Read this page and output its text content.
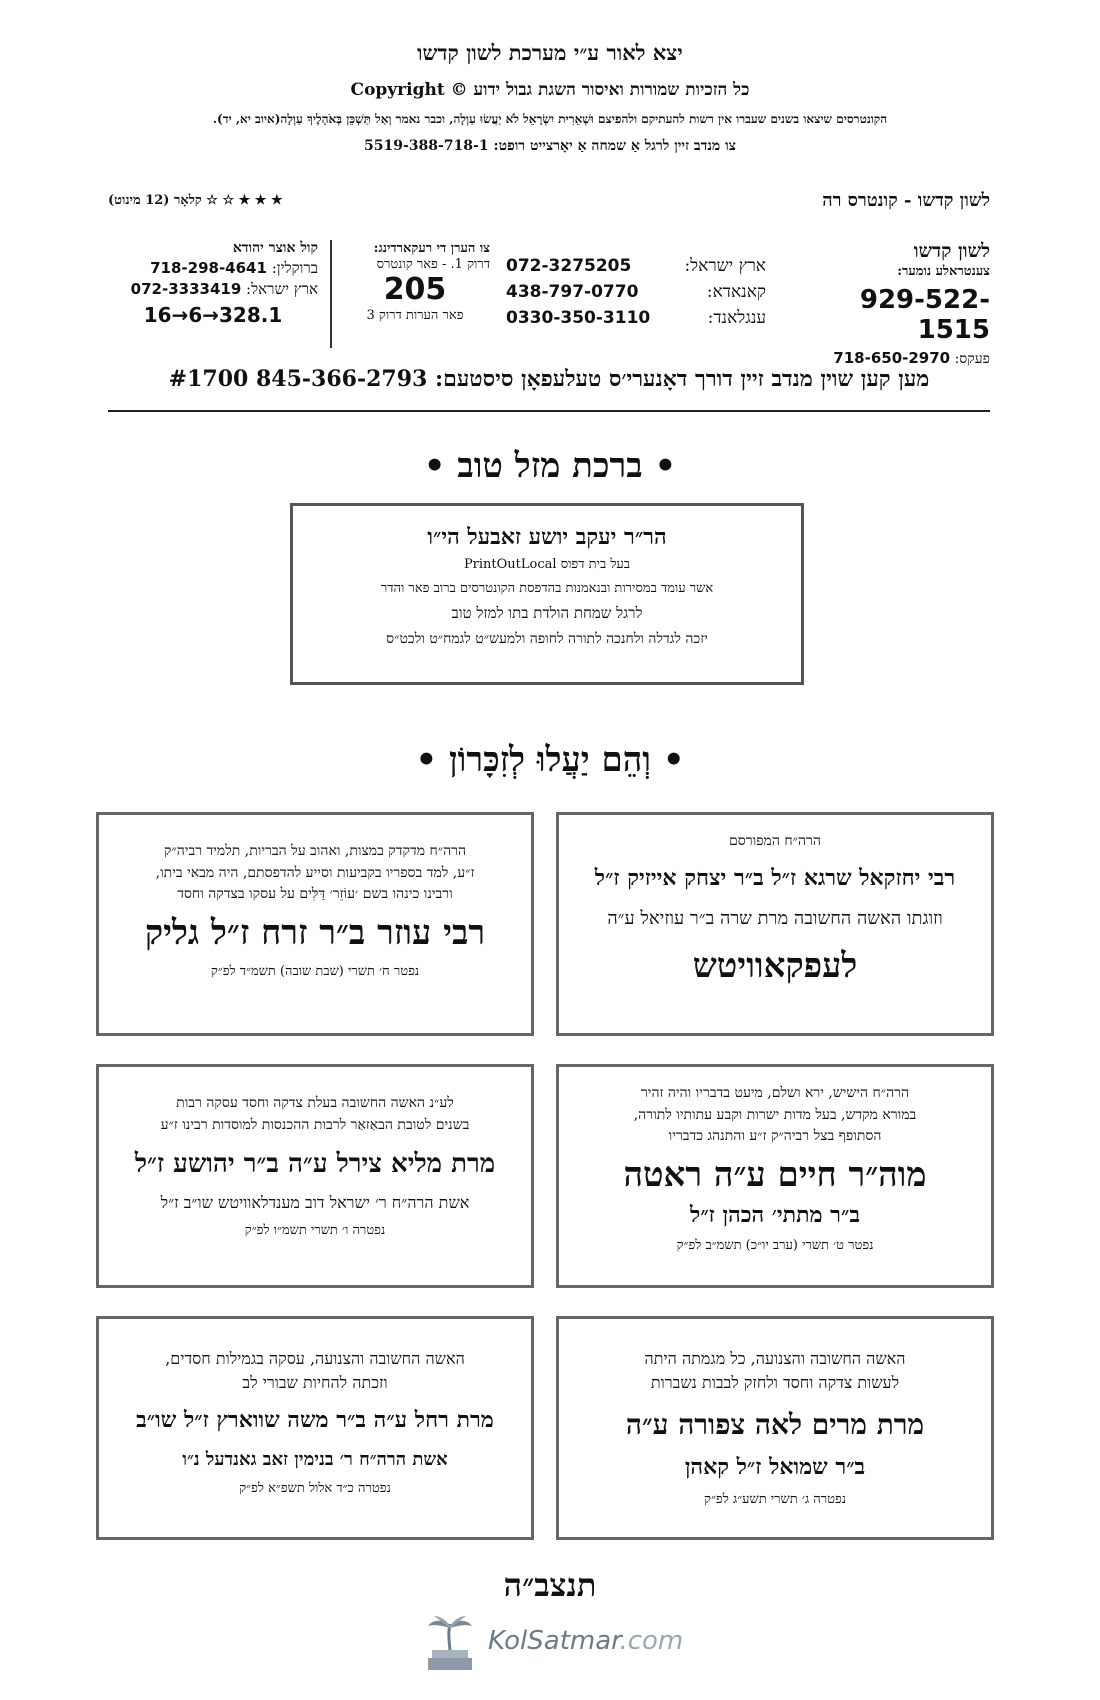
יצא לאור ע״י מערכת לשון קדשו
כל הזכיות שמורות ואיסור השגת גבול ידוע © Copyright
הקונטרסים שיצאו בשנים שעברו אין רשות להעתיקם ולהפיצם וּשְׁאֵרִית יִשְׂרָאֵל לֹא יַעֲשׂוּ עַוְלָה, וכבר נאמר וְאַל תַּשְׁכֵּן בְּאֹהָלֶיךָ עַוְלָה(איוב יא, יד).
צו מנדב זיין לרגל אַ שמחה אַ יאָרצייט רופט: 5519-388-718-1
★ ★ ★ ☆ ☆ קלאָר (12 מינוט)	לשון קדשו - קונטרס רה
קול אוצר יהודא
ברוקלין: 718-298-4641
ארץ ישראל: 072-3333419
16→6→328.1
צו הערן די רעקארדינג:
דרוק 1. - פאר קונטרס
205
פאר הערות דרוק 3
ארץ ישראל:
072-3275205
קאנאדא:
438-797-0770
ענגלאנד:
0330-350-3110
לשון קדשו
צענטראלע נומער:
929-522-1515
פעקס: 718-650-2970
מען קען שוין מנדב זיין דורך דאָנערי׳ס טעלעפאָן סיסטעם: 845-366-2793 #1700
• ברכת מזל טוב •
הר״ר יעקב יושע זאבעל הי״ו
בעל בית דפוס PrintOutLocal
אשר עומד במסירות ובנאמנות בהדפסת הקונטרסים ברוב פאר והדר
לרגל שמחת הולדת בתו למזל טוב
יזכה לגדלה ולחנכה לתורה לחופה ולמעש״ט לגמח״ט ולכט״ס
• וְהֵם יַעֲלוּ לְזִכָּרוֹן •
הרה״ח המפורסם
רבי יחזקאל שרגא ז״ל ב״ר יצחק אייזיק ז״ל
וזוגתו האשה החשובה מרת שרה ב״ר עוזיאל ע״ה
לעפקאוויטש
הרה״ח מדקדק במצות, ואהוב על הבריות, תלמיד רביה״ק
ז״ע, למד בספריו בקביעות וסייע להדפסתם, היה מבאי ביתו,
ורבינו כינהו בשם ׳עוֹזֵר׳ דַּלִּים על עסקו בצדקה וחסד
רבי עוזר ב״ר זרח ז״ל גליק
נפטר ח׳ תשרי (שבת שובה) תשמ״ד לפ״ק
הרה״ח הישיש, ירא ושלם, מיעט בדבריו והיה זהיר
במורא מקדש, בעל מדות ישרות וקבע עתותיו לתורה,
הסתופף בצל רביה״ק ז״ע והתנהג כדבריו
מוה״ר חיים ע״ה ראטה
ב״ר מתתי׳ הכהן ז״ל
נפטר ט׳ תשרי (ערב יו״כ) תשמ״ב לפ״ק
לע״נ האשה החשובה בעלת צדקה וחסד עסקה רבות
בשנים לטובת הבאַזאַר לרבות ההכנסות למוסדות רבינו ז״ע
מרת מליא צירל ע״ה ב״ר יהושע ז״ל
אשת הרה״ח ר׳ ישראל דוב מענדלאוויטש שו״ב ז״ל
נפטרה ו׳ תשרי תשמ״ו לפ״ק
האשה החשובה והצנועה, כל מגמתה היתה
לעשות צדקה וחסד ולחזק לבבות נשברות
מרת מרים לאה צפורה ע״ה
ב״ר שמואל ז״ל קאהן
נפטרה ג׳ תשרי תשע״ג לפ״ק
האשה החשובה והצנועה, עסקה בגמילות חסדים,
וזכתה להחיות שבורי לב
מרת רחל ע״ה ב״ר משה שווארץ ז״ל שו״ב
אשת הרה״ח ר׳ בנימין זאב גאנדעל נ״ו
נפטרה כ״ד אלול תשפ״א לפ״ק
תנצב״ה
KolSatmar.com
